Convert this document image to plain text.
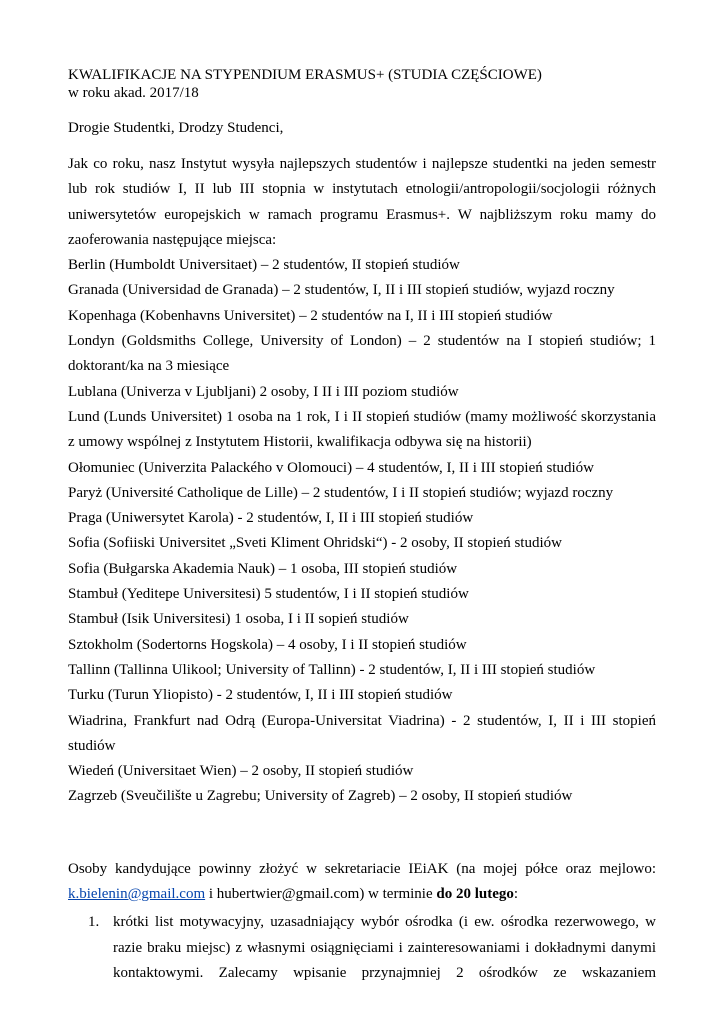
KWALIFIKACJE NA STYPENDIUM ERASMUS+ (STUDIA CZĘŚCIOWE)

w roku akad. 2017/18

Drogie Studentki, Drodzy Studenci,

Jak co roku, nasz Instytut wysyła najlepszych studentów i najlepsze studentki na jeden semestr lub rok studiów I, II lub III stopnia w instytutach etnologii/antropologii/socjologii różnych uniwersytetów europejskich w ramach programu Erasmus+. W najbliższym roku mamy do zaoferowania następujące miejsca:

Berlin (Humboldt Universitaet) – 2 studentów, II stopień studiów
Granada (Universidad de Granada) – 2 studentów, I, II i III stopień studiów, wyjazd roczny
Kopenhaga (Kobenhavns Universitet) – 2 studentów na I, II i III stopień studiów
Londyn (Goldsmiths College, University of London) – 2 studentów na I stopień studiów; 1 doktorant/ka na 3 miesiące
Lublana (Univerza v Ljubljani) 2 osoby, I II i III poziom studiów
Lund (Lunds Universitet) 1 osoba na 1 rok, I i II stopień studiów (mamy możliwość skorzystania z umowy wspólnej z Instytutem Historii, kwalifikacja odbywa się na historii)
Ołomuniec (Univerzita Palackého v Olomouci) – 4 studentów, I, II i III stopień studiów
Paryż (Université Catholique de Lille) – 2 studentów, I i II stopień studiów; wyjazd roczny
Praga (Uniwersytet Karola) - 2 studentów, I, II i III stopień studiów
Sofia (Sofiiski Universitet „Sveti Kliment Ohridski“) - 2 osoby, II stopień studiów
Sofia (Bułgarska Akademia Nauk) – 1 osoba, III stopień studiów
Stambuł (Yeditepe Universitesi) 5 studentów, I i II stopień studiów
Stambuł (Isik Universitesi) 1 osoba, I i II sopień studiów
Sztokholm (Sodertorns Hogskola) – 4 osoby, I i II stopień studiów
Tallinn (Tallinna Ulikool; University of Tallinn) - 2 studentów, I, II i III stopień studiów
Turku (Turun Yliopisto) - 2 studentów, I, II i III stopień studiów
Wiadrina, Frankfurt nad Odrą (Europa-Universitat Viadrina) - 2 studentów, I, II i III stopień studiów
Wiedeń (Universitaet Wien) – 2 osoby, II stopień studiów
Zagrzeb (Sveučilište u Zagrebu; University of Zagreb) – 2 osoby, II stopień studiów

Osoby kandydujące powinny złożyć w sekretariacie IEiAK (na mojej półce oraz mejlowo: k.bielenin@gmail.com i hubertwier@gmail.com) w terminie do 20 lutego:

1. krótki list motywacyjny, uzasadniający wybór ośrodka (i ew. ośrodka rezerwowego, w razie braku miejsc) z własnymi osiągnięciami i zainteresowaniami i dokładnymi danymi kontaktowymi. Zalecamy wpisanie przynajmniej 2 ośrodków ze wskazaniem
